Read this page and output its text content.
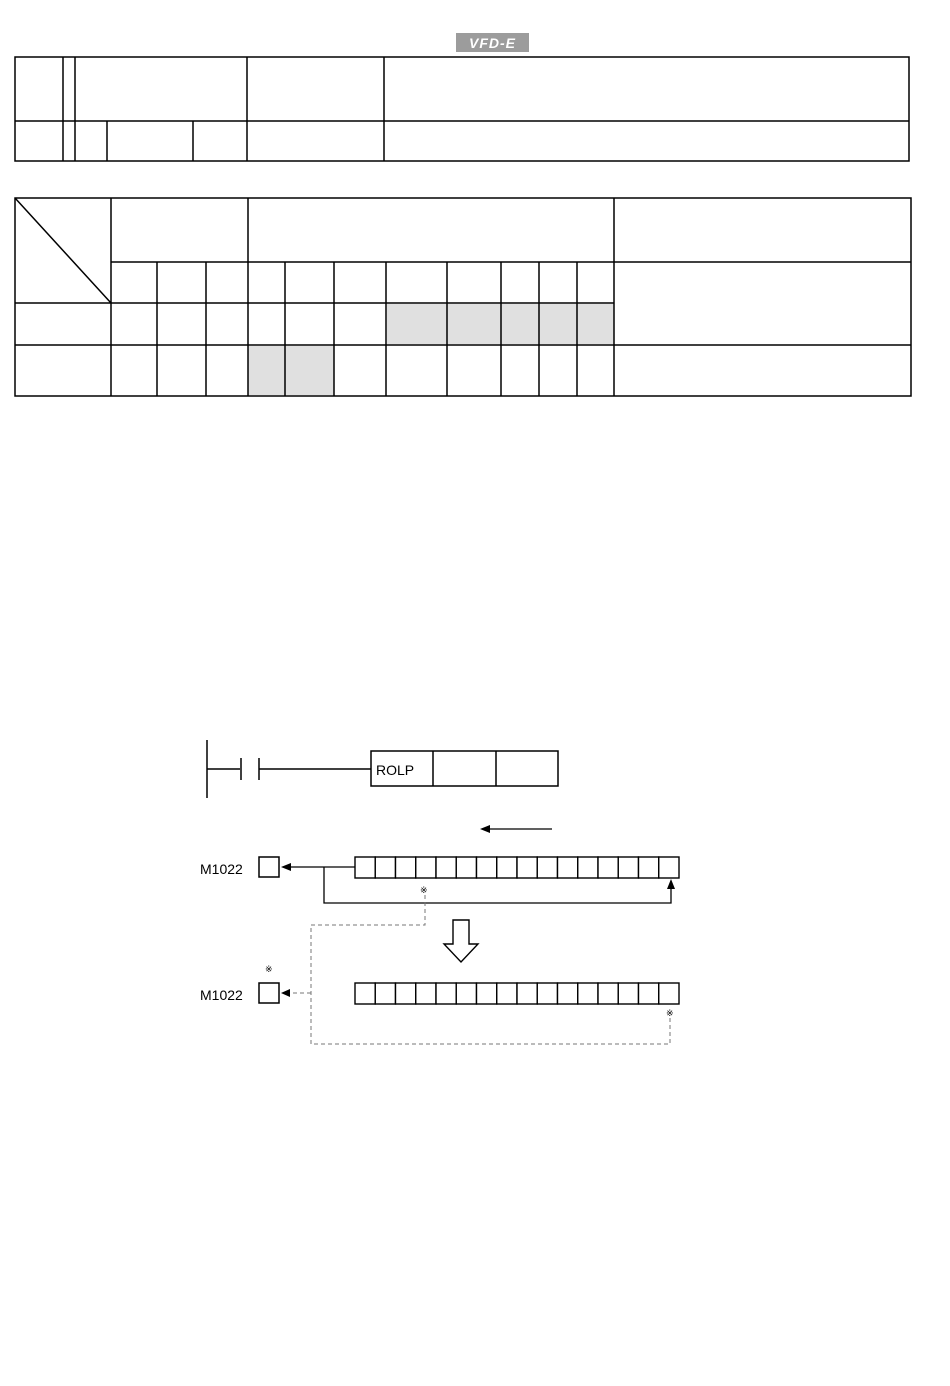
VFD-E
ROLP
M1022
※
※
M1022
※
